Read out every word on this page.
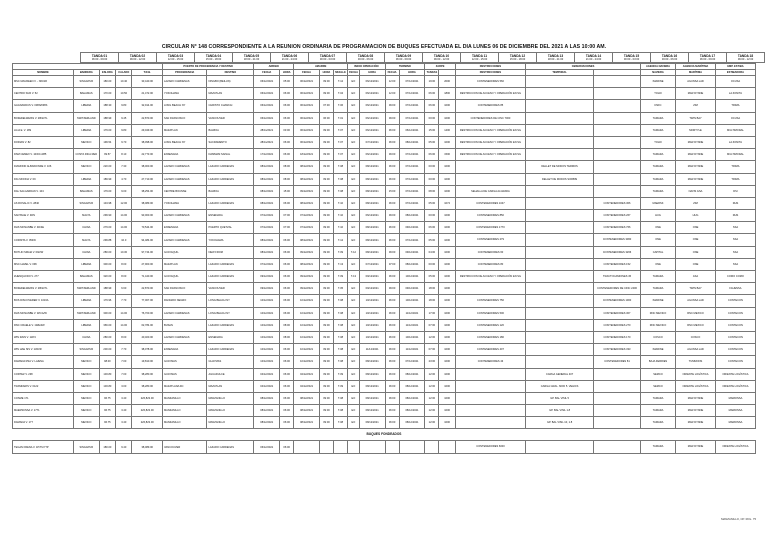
CIRCULAR N° 148 CORRESPONDIENTE A LA REUNION ORDINARIA DE PROGRAMACION DE BUQUES EFECTUADA EL DIA LUNES 06 DE DICIEMBRE DEL 2021 A LAS 10:00 AM.

TANDA 01
06:00 - 09:00

TANDA 02
09:00 - 12:00

TANDA 03
12:00 - 15:00

TANDA 04
15:00 - 18:00

TANDA 05
18:00 - 21:00

TANDA 06
21:00 - 24:00

TANDA 07
00:00 - 03:00

TANDA 08
03:00 - 06:00

TANDA 09
06:00 - 09:00

TANDA 10
09:00 - 12:00

TANDA 11
12:00 - 15:00

TANDA 12
15:00 - 18:00

TANDA 13
18:00 - 21:00

TANDA 14
21:00 - 24:00

TANDA 15
00:00 - 03:00

TANDA 16
03:00 - 06:00

TANDA 17
06:00 - 09:00

TANDA 18
09:00 - 12:00

					PUERTO DE PROCEDENCIA Y DESTINO		ARRIBO		AMARRE			INICIO OPERACIÓN		TERMINO		ZARPE		RESTRICCIONES	OBSERVACIONES		AGENCIA NAVIERA	AGENCIA MARÍTIMA	EMP. ESTIBA
NOMBRE	BANDERA	ESLORA	CALADO	T.R.B.	PROCEDENCIA	DESTINO	FECHA	HORA	FECHA	HORA	MUELLE	FECHA	HORA	FECHA	HORA	TANDAS		RESTRICCIONES	TEMPORAL		NAVIERA	MARÍTIMA	ESTIBADORA
MSC MAUREEN V. - NK01R	SINGAPUR	180.00	10.40	33,440.00	LAZARO CARDENAS	NINGBO (BEILUN)	06/12/2021	05:00	06/12/2021	09:00	T-12	EO	06/12/2021	12:00	07/12/2021	19:00	2000	CONTENEDORES 560			IMARINE	AGUNSA LAD	OCUSA
CENTRO SUR V. 52	BAHAMAS	170.00	10.50	21,472.00	YOKOHAMA	MAZATLAN	06/12/2021	06:00	06/12/2021	09:00	T-04	EO	06/12/2021	12:00	07/12/2021	06:00	1800	RESTRICCION DE ACCESO Y OPERACIÓN EN SG			TOHO	MAR DYNNE	LA ZONITA
GAGNANDUS V. 038N/038S	LIBERIA	188.30	9.80	32,914.00	LONG BEACH NY	CHRISTO CHANKAI	06/12/2021	06:00	06/12/2021	07:30	T-06	EO	06/12/2021	09:00	07/12/2021	06:00	1000	CONTENEDORES 85			DSFC	ZIM	TRIMA
BO3EDELWEISS V. 28N/27L	SWITZERLAND	188.99	9.45	22,870.00	SAN FRANCISCO	VANCOUVER	06/12/2021	06:00	06/12/2021	06:00	T-01	EO	06/12/2021	09:00	07/12/2021	00:00	1000	CONTENEDORES DE CINC 7000			TAMARA	TWIN BAY	OCUSA
LILIA E. V. 189	LIBERIA	179.00	9.80	29,049.00	MAZATLAN	BALBOA	28/11/2021	03:00	06/12/2021	09:00	T-07	EO	06/12/2021	06:00	06/12/2021	15:00	1400	RESTRICCION DE ACCESO Y OPERACIÓN EN SG			TAMARA	MORTYLE	MULTIMODAL
DORIAN V. 82	MEXICO	199.54	9.70	38,098.00	LONG BEACH NY	SACRAMENTO	28/11/2021	06:00	06/12/2021	09:00	T-07	EO	07/12/2021	06:00	08/12/2021	05:00	1000	RESTRICCION DE ACCESO Y OPERACIÓN EN SG			TOHO	MAR DYNNE	LA ZONITA
DSM CEMEX V. 10/DC-R85	COSTA RICA RED	99.57	8.10	22,773.00	ENSENADA	DAMMAM SAINAL	17/12/2021	06:00	18/12/2021	09:00	T-07	EO	06/12/2021	09:00	07/12/2021	06:00	1500	RESTRICCION DE ACCESO Y OPERACIÓN EN SG			TAMARA	MAR DYNNE	MULTIMODAL
DIAMOND ALBAWONDE V. 106	MEXICO	220.00	7.30	38,000.00	LAZARO CARDENAS	LAZARO CARDENAS	08/12/2021	08:00	08/12/2021	09:00	T-08	EO	08/12/2021	06:00	07/12/2021	00:00	1000		DELLET DE MODOS TERMOS		TAMARA	MAR DYNNE	TRIMA
DIG MOONA V. 09	LIBERIA	189.99	4.70	27,710.00	LAZARO CARDENAS	LAZARO CARDENAS	08/12/2021	08:00	08/12/2021	09:00	T-08	EO	08/12/2021	06:00	07/12/2021	00:00	1000		DELLET DE MODOS SORBIS		TAMARA	MAR DYNNE	TRIMA
DAL SALGARDAN V. 104	BAHAMAS	179.00	9.00	38,254.00	CENTRE BOUNSE	BALBOA	08/12/2021	15:00	09/12/2021	09:00	T-08	EO	08/12/2021	15:00	07/12/2021	08:00	1000	SEHALLA DE CARGA ALGRADA			TAMARA	NAVIS GSA	DSI
AS ROSALIC V. 2840	SINGAPUR	134.98	12.00	38,089.00	YOKOHAMA	LAZARO CARDENAS	08/12/2021	06:00	08/12/2021	09:00	T-10	EO	08/12/2021	06:00	07/12/2021	05:00	1074	CONTENEDORES 1047		CONTENEDORES 306	MAERSK	ZIM	RHS
SANTAGE V. 4DN	MALTA	299.90	14.00	93,000.00	LAZARO CARDENAS	ENSENADA	07/12/2021	07:00	07/12/2021	09:00	T-10	EO	06/12/2021	09:00	08/12/2021	00:00	1000	CONTENEDORES 850		CONTENEDORES 267	HUG	HUG	RHS
RHS MOSANBE V. 4D/4E	CHINA	279.00	14.00	70,544.00	ENSENADA	PUERTO QUETZAL	07/12/2021	07:00	07/12/2021	09:00	T-10	EO	08/12/2021	06:00	09/12/2021	06:00	1000	CONTENEDORES 1770		CONTENEDORES 766	ONE	ONE	SSA
CORNITA V. 054W	MALTA	299.88	10.0	94,484.00	LAZARO CARDENAS	YOKOHAMA	08/12/2021	06:00	08/12/2021	09:00	T-12	EO	08/12/2021	06:00	07/12/2021	05:00	1000	CONTENEDORES 279		CONTENEDORES 3060	ONE	ONE	SSA
BOTLIN SMAIA V. 09/2W	CHINA	280.00	10.30	97,744.00	GUAYAQUIL	NEW FROM	08/12/2021	06:00	09/12/2021	09:00	T-09	T-12	08/12/2021	09:00	09/12/2021	04:00	1000	CONTENEDORES 60		CONTENEDORES 3266	CAPITAL	ONE	SSA
MSC HAZEL V. 096	LIBERIA	300.00	8.00	27,900.00	MAZATLAN	LAZARO CARDENAS	07/12/2021	06:00	08/12/2021	09:00	T-13	EO	07/12/2021	07:00	08/12/2021	00:00	1000	CONTENEDORES 80		CONTENEDORES 152	ONE	ONE	SSA
ZHENQAODO V. 277	BAHAMAS	320.00	8.00	71,440.00	GUAYAQUIL	LAZARO CARDENAS	09/12/2021	06:00	09/12/2021	09:00	T-09	T-13	09/12/2021	06:00	10/12/2021	05:00	1000	RESTRICCION DE ACCESO Y OPERACIÓN EN SG		TRACTOCAMIONES 45	TAMARA	ASA	COMO COMO
BO3EDELWEISS V. 28N/27L	SWITZERLAND	188.99	6.60	22,870.00	SAN FRANCISCO	VANCOUVER	09/12/2021	06:00	09/12/2021	09:00	T-05	EO	09/12/2021	09:00	09/12/2021	18:00	1000			CONTENEDORES DE CINC 2400	TAMARA	TWIN BAY	FAUENSA
BOS DISCOVERER V. 1016A	LIBERIA	179.96	7.70	77,007.00	RANGIRO NEGRO	LONG BEACH NY	10/12/2021	06:00	10/12/2021	09:00	T-08	EO	10/12/2021	06:00	10/12/2021	18:00	1000	CONTENEDORES 750		CONTENEDORES 1000	IMARINE	AGUNSA LAD	CONTECON
RHS MOSANBE V. WC/A/W	SWITZERLAND	300.00	14.00	76,700.00	LAZARO CARDENAS	LONG BEACH NY	10/12/2021	06:00	10/12/2021	09:00	T-08	EO	10/12/2021	06:00	11/12/2021	17:00	1000	CONTENEDORES 500		CONTENEDORES 307	RNC MEXICO	RNC MEXICO	CONTECON
RNC CRAELE V. 1WE/4W	LIBERIA	366.00	14.00	62,784.00	BUSAN	LAZARO CARDENAS	10/12/2021	08:00	10/12/2021	09:00	T-08	EO	10/12/2021	06:00	11/12/2021	07:00	1000	CONTENEDORES 120		CONTENEDORES 270	RNC MEXICO	RNC MEXICO	CONTECON
WIN RAIN V. 1W/4	CHINA	280.00	8.00	40,400.00	LAZARO CARDENAS	ENSENADA	10/12/2021	08:00	10/12/2021	09:00	T-08	EO	10/12/2021	06:00	10/12/2021	12:00	1000	CONTENEDORES 180		CONTENEDORES 170	COSCO	COSCO	CONTECON
WIN HAE SIS V. 1W/2R	SINGAPUR	200.00	7.70	38,078.00	ENSENADA	LAZARO CARDENAS	10/12/2021	06:00	10/12/2021	09:00	T-08	EO	11/12/2021	06:00	11/12/2021	07:00	1000	CONTENEDORES 407		CONTENEDORES 333	IMARINE	AGUNSA LAD	CONTECON
DAMADA RSA V. LA/ENA	MEXICO	98.00	7.00	19,810.00	GUAYMAS	GUAYMAS	10/12/2021	06:00	10/12/2021	09:00	T-08	EO	08/12/2021	06:00	07/12/2021	23:00	1000	CONTENEDORES 43		CONTENEDORES 81	BAJA FERRIES	TUMMONS	CONTECON
CORTEZ V. 238	MEXICO	103.80	7.00	38,280.00	GUAYMAS	AGUADULCE	04/12/2021	06:00	04/12/2021	09:00	T-09	EO	08/12/2021	06:00	08/12/2021	12:00	1000		CARGA GENERAL 407		SEMCO	ORIENTE LOGÍSTICA	ORIENTE LOGÍSTICA
TRAMFARIS V. 0122	MEXICO	103.80	3.00	38,280.00	MAZATLAN/LDC	MAZATLAN	04/12/2021	06:00	04/12/2021	09:00	T-09	EO	08/12/2021	06:00	08/12/2021	12:00	1000		CARGA GRAL. MOD 5. VEHICS		SEMCO	ORIENTE LOGÍSTICA	ORIENTE LOGÍSTICA
COSME 171	MEXICO	96.75	3.40	226,823.00	MANZANILLO	MANZANILLO	08/12/2021	06:00	08/12/2021	09:00	T-08	EO	08/12/2021	06:00	08/12/2021	12:00	1000		GP. BAL VISIL 5		TAMARA	MAR DYNNE	MARDINSA
MAERSKNSA V. 1771	MEXICO	96.75	3.40	226,823.00	MANZANILLO	MANZANILLO	08/12/2021	06:00	08/12/2021	09:00	T-08	EO	08/12/2021	06:00	08/12/2021	12:00	1000		GP. BAL VISIL 1.8		TAMARA	MAR DYNNE	MARDINSA
DAMADA V. 177	MEXICO	96.75	3.40	226,823.00	MANZANILLO	MANZANILLO	08/12/2021	06:00	08/12/2021	09:00	T-08	EO	08/12/2021	06:00	08/12/2021	12:00	1000		GP. BAL VISIL 10, 1.8		TAMARA	MAR DYNNE	MARDINSA
BUQUES FONDEADOS																							
TEGAN FRENA V. 1P/TU/77P	SINGAPUR	180.00	9.40	38,089.00	VANCOUVER	LAZARO CARDENAS	06/12/2021	06:00										CONTENEDORES 6000			TAMARA	MAR DYNNE	ORIENTE LOGÍSTICA
MANZANILLO, CP. ROL. 75
